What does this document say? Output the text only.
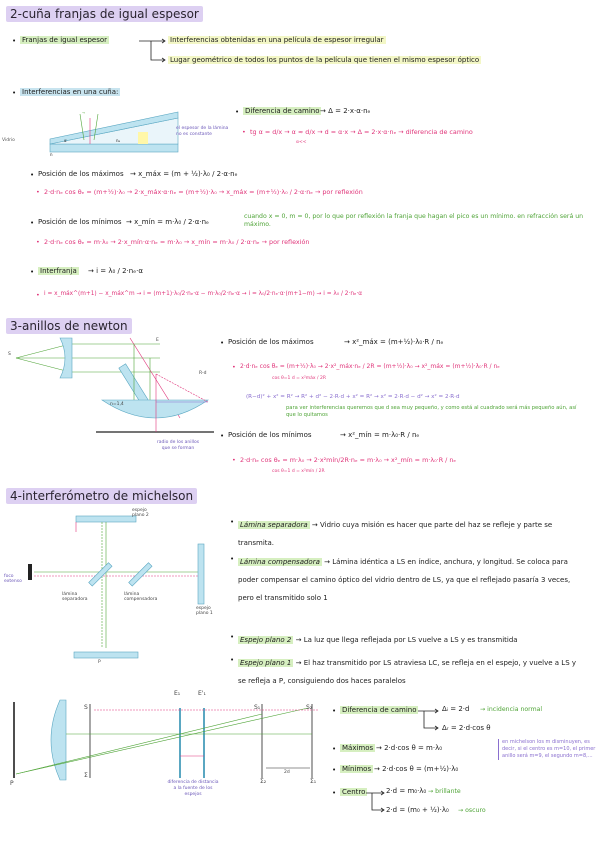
2-cuña franjas de igual espesor
• Franjas de igual espesor	Interferencias obtenidas en una película de espesor irregular
Lugar geométrico de todos los puntos de la película que tienen el mismo espesor óptico
• Interferencias en una cuña:
α	nₑ
n
→
Vidrio
el espesor de la lámina no es constante
• Diferencia de camino → Δ = 2·x·α·nₑ
• tg α = d/x → α ≈ d/x → d = α·x → Δ = 2·x·α·nₑ → diferencia de camino
α<<
• Posición de los máximos → x_máx = (m + ½)·λ₀ / 2·α·nₑ
• 2·d·nₑ cos θₑ = (m+½)·λ₀ → 2·x_máx·α·nₑ = (m+½)·λ₀ → x_máx = (m+½)·λ₀ / 2·α·nₑ → por reflexión
• Posición de los mínimos → x_mín = m·λ₀ / 2·α·nₑ
cuando x = 0, m = 0, por lo que por reflexión la franja que hagan el pico es un mínimo. en refracción será un máximo.
• 2·d·nₑ cos θₑ = m·λ₀ → 2·x_mín·α·nₑ = m·λ₀ → x_mín = m·λ₀ / 2·α·nₑ → por reflexión
• Interfranja → i = λ₀ / 2·nₑ·α
• i = x_máx^(m+1) − x_máx^m → i = (m+1)·λ₀/2·nₑ·α − m·λ₀/2·nₑ·α → i = λ₀/2·nₑ·α·(m+1−m) → i = λ₀ / 2·nₑ·α
3-anillos de newton
S
E
n=1,4
R-d
radio de los anillos que se forman
• Posición de los máximos	→ x²_máx = (m+½)·λ₀·R / nₑ
• 2·d·nₑ cos θₑ = (m+½)·λ₀ → 2·x²_máx·nₑ / 2R = (m+½)·λ₀ → x²_máx = (m+½)·λ₀·R / nₑ
cos θ=1 d = x²máx / 2R
(R−d)² + x² = R² → R² + d² − 2·R·d + x² = R² → x² = 2·R·d − d² → x² = 2·R·d
para ver interferencias queremos que d sea muy pequeño, y como está al cuadrado será más pequeño aún, así que lo quitamos
• Posición de los mínimos	→ x²_mín = m·λ₀·R / nₑ
• 2·d·nₑ cos θₑ = m·λ₀ → 2·x²mín/2R·nₑ = m·λ₀ → x²_mín = m·λ₀·R / nₑ
cos θ=1 d = x²mín / 2R
4-interferómetro de michelson
espejo plano 2
espejo plano 1
foco extenso
lámina separadora
lámina compensadora
P
• Lámina separadora → Vidrio cuya misión es hacer que parte del haz se refleje y parte se transmita.
• Lámina compensadora → Lámina idéntica a LS en índice, anchura, y longitud. Se coloca para poder compensar el camino óptico del vidrio dentro de LS, ya que el reflejado pasaría 3 veces, pero el transmitido solo 1
• Espejo plano 2 → La luz que llega reflejada por LS vuelve a LS y es transmitida
• Espejo plano 1 → El haz transmitido por LS atraviesa LC, se refleja en el espejo, y vuelve a LS y se refleja a P, consiguiendo dos haces paralelos
P
S
Σ
E₁	E'₁
S₁	S₂
Σ₂	Σ₁
2d
diferencia de distancia a la fuente de los espejos
• Diferencia de camino	Δᵢ = 2·d → incidencia normal
Δᵣ = 2·d·cos θ
• Máximos → 2·d·cos θ = m·λ₀
• Mínimos → 2·d·cos θ = (m+½)·λ₀
en michelson los m disminuyen, es decir, si el centro es m=10, el primer anillo será m=9, el segundo m=8,...
• Centro	2·d = m₀·λ₀ → brillante
2·d = (m₀ + ½)·λ₀ → oscuro
